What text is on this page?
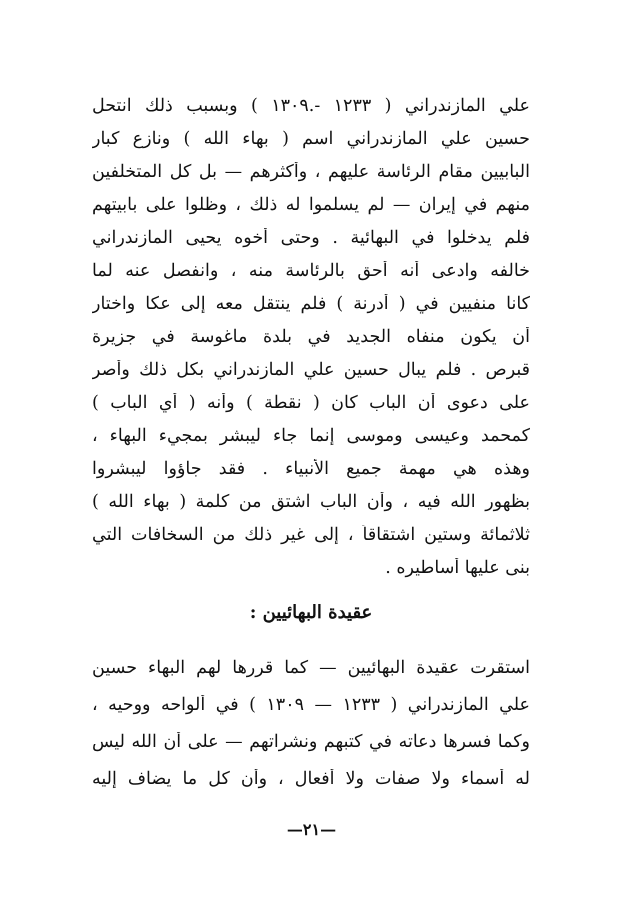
علي المازندراني ( ١٢٣٣ -.١٣٠٩ ) وبسبب ذلك انتحل
حسين علي المازندراني اسم ( بهاء الله ) ونازع كبار
البابيين مقام الرئاسة عليهم ، وأكثرهم — بل كل المتخلفين
منهم في إيران — لم يسلموا له ذلك ، وظلوا على بابيتهم
فلم يدخلوا في البهائية . وحتى أخوه يحيى المازندراني
خالفه وادعى أنه أحق بالرئاسة منه ، وانفصل عنه لما
كانا منفيين في ( أدرنة ) فلم ينتقل معه إلى عكا واختار
أن يكون منفاه الجديد في بلدة ماغوسة في جزيرة
قبرص . فلم يبال حسين علي المازندراني بكل ذلك وأصر
على دعوى أن الباب كان ( نقطة ) وأنه ( أي الباب )
كمحمد وعيسى وموسى إنما جاء ليبشر بمجيء البهاء ،
وهذه هي مهمة جميع الأنبياء . فقد جاؤوا ليبشروا
بظهور الله فيه ، وأن الباب اشتق من كلمة ( بهاء الله )
ثلاثمائة وستين اشتقاقاً ، إلى غير ذلك من السخافات التي
بنى عليها أساطيره .
عقيدة البهائيين :
استقرت عقيدة البهائيين — كما قررها لهم البهاء حسين
علي المازندراني ( ١٢٣٣ — ١٣٠٩ ) في ألواحه ووحيه ،
وكما فسرها دعاته في كتبهم ونشراتهم — على أن الله ليس
له أسماء ولا صفات ولا أفعال ، وأن كل ما يضاف إليه
—٢١—
